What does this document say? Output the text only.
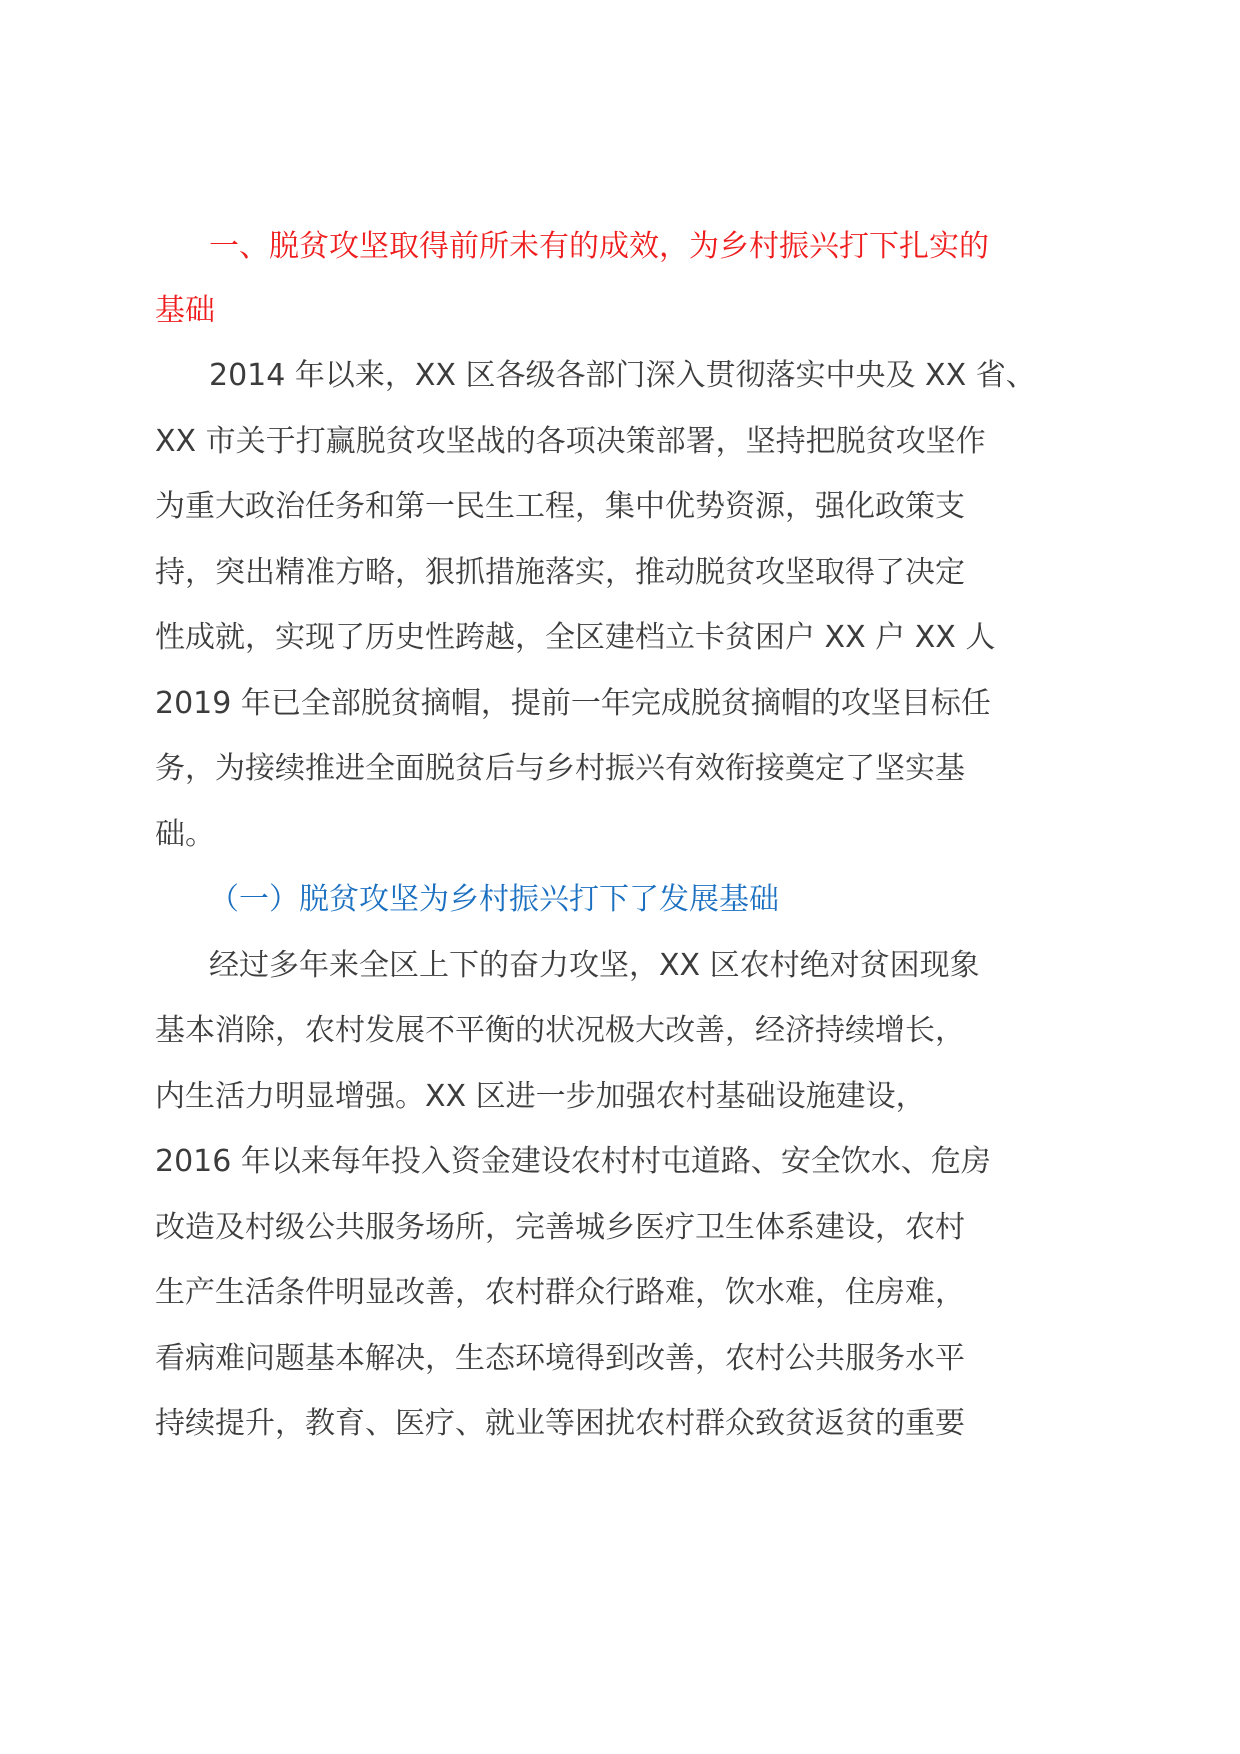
一、脱贫攻坚取得前所未有的成效，为乡村振兴打下扎实的
基础

2014 年以来，XX 区各级各部门深入贯彻落实中央及 XX 省、
XX 市关于打赢脱贫攻坚战的各项决策部署，坚持把脱贫攻坚作
为重大政治任务和第一民生工程，集中优势资源，强化政策支
持，突出精准方略，狠抓措施落实，推动脱贫攻坚取得了决定
性成就，实现了历史性跨越，全区建档立卡贫困户 XX 户 XX 人
2019 年已全部脱贫摘帽，提前一年完成脱贫摘帽的攻坚目标任
务，为接续推进全面脱贫后与乡村振兴有效衔接奠定了坚实基
础。

（一）脱贫攻坚为乡村振兴打下了发展基础

经过多年来全区上下的奋力攻坚，XX 区农村绝对贫困现象
基本消除，农村发展不平衡的状况极大改善，经济持续增长，
内生活力明显增强。XX 区进一步加强农村基础设施建设，
2016 年以来每年投入资金建设农村村屯道路、安全饮水、危房
改造及村级公共服务场所，完善城乡医疗卫生体系建设，农村
生产生活条件明显改善，农村群众行路难，饮水难，住房难，
看病难问题基本解决，生态环境得到改善，农村公共服务水平
持续提升，教育、医疗、就业等困扰农村群众致贫返贫的重要
